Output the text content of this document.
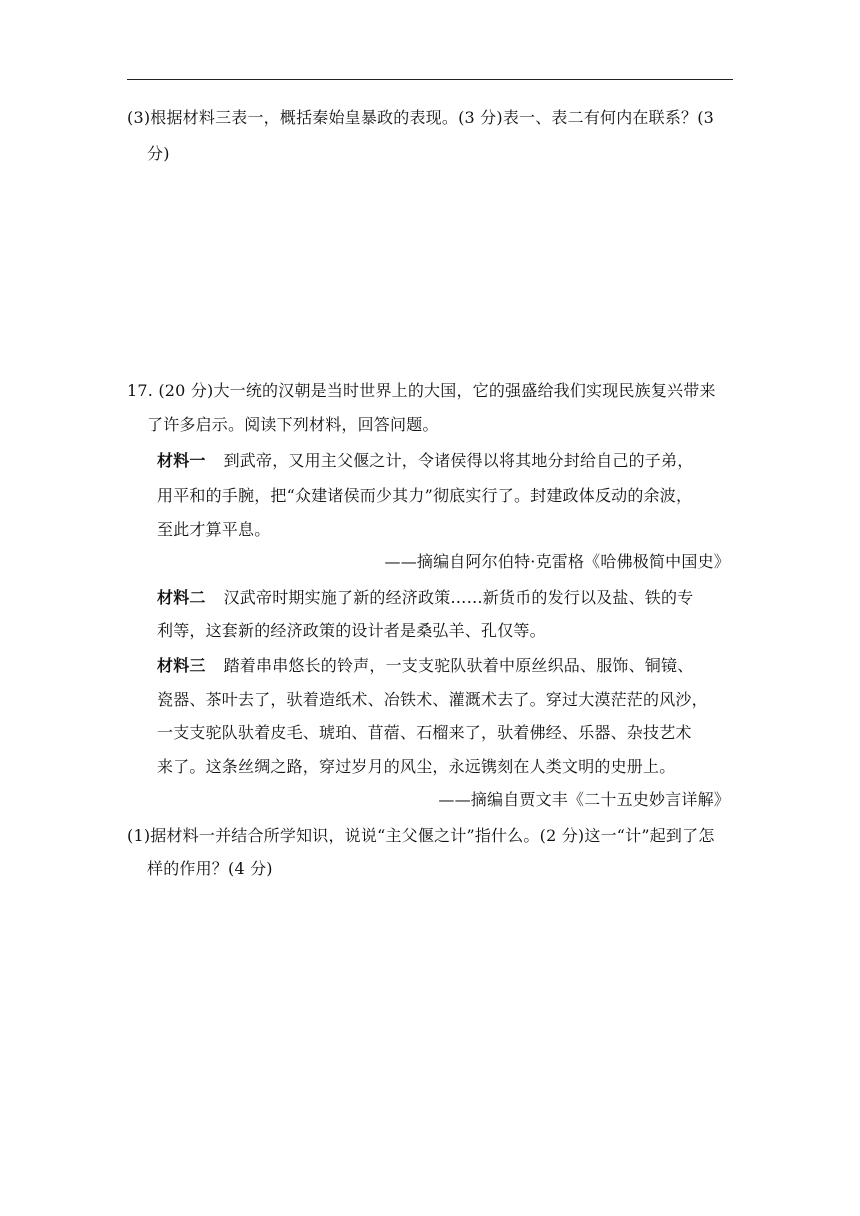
(3)根据材料三表一，概括秦始皇暴政的表现。(3 分)表一、表二有何内在联系？(3
分)
17. (20 分)大一统的汉朝是当时世界上的大国，它的强盛给我们实现民族复兴带来
了许多启示。阅读下列材料，回答问题。
材料一 到武帝，又用主父偃之计，令诸侯得以将其地分封给自己的子弟，
用平和的手腕，把“众建诸侯而少其力”彻底实行了。封建政体反动的余波，
至此才算平息。
——摘编自阿尔伯特·克雷格《哈佛极简中国史》
材料二 汉武帝时期实施了新的经济政策……新货币的发行以及盐、铁的专
利等，这套新的经济政策的设计者是桑弘羊、孔仅等。
材料三 踏着串串悠长的铃声，一支支驼队驮着中原丝织品、服饰、铜镜、
瓷器、茶叶去了，驮着造纸术、冶铁术、灌溉术去了。穿过大漠茫茫的风沙，
一支支驼队驮着皮毛、琥珀、苜蓿、石榴来了，驮着佛经、乐器、杂技艺术
来了。这条丝绸之路，穿过岁月的风尘，永远镌刻在人类文明的史册上。
——摘编自贾文丰《二十五史妙言详解》
(1)据材料一并结合所学知识，说说“主父偃之计”指什么。(2 分)这一“计”起到了怎
样的作用？(4 分)
